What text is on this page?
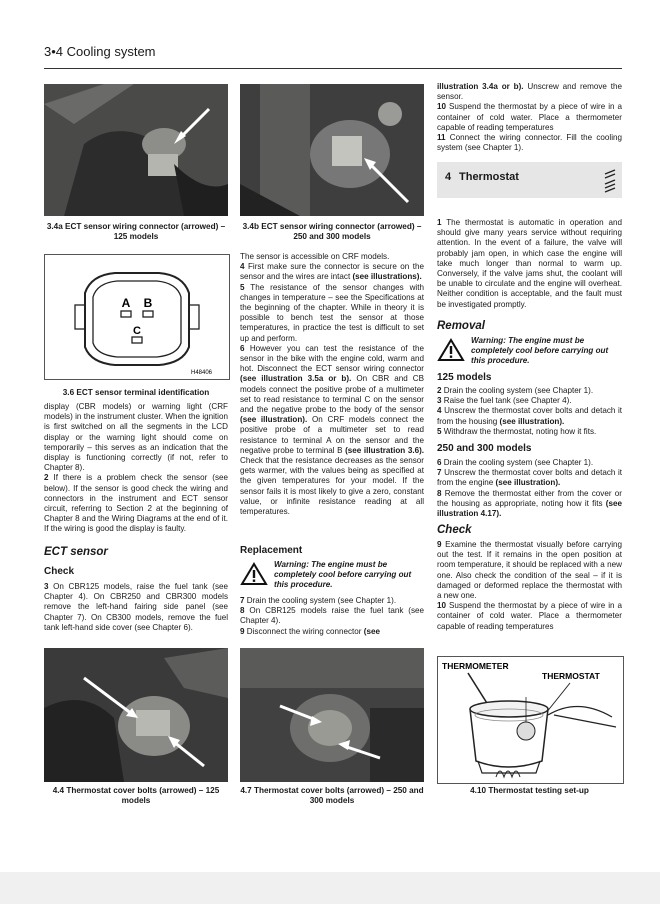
3•4 Cooling system
3.4a ECT sensor wiring connector (arrowed) – 125 models
3.4b ECT sensor wiring connector (arrowed) – 250 and 300 models
A B
C
H48406
3.6 ECT sensor terminal identification

display (CBR models) or warning light (CRF models) in the instrument cluster. When the ignition is first switched on all the segments in the LCD display or the warning light should come on temporarily – this serves as an indication that the display is functioning correctly (if not, refer to Chapter 8).

2 If there is a problem check the sensor (see below). If the sensor is good check the wiring and connectors in the instrument and ECT sensor circuit, referring to Section 2 at the beginning of Chapter 8 and the Wiring Diagrams at the end of it. If the wiring is good the display is faulty.

ECT sensor
Check

3 On CBR125 models, raise the fuel tank (see Chapter 4). On CBR250 and CBR300 models remove the left-hand fairing side panel (see Chapter 7). On CB300 models, remove the fuel tank left-hand side cover (see Chapter 6).

The sensor is accessible on CRF models.

4 First make sure the connector is secure on the sensor and the wires are intact (see illustrations).

5 The resistance of the sensor changes with changes in temperature – see the Specifications at the beginning of the chapter. While in theory it is possible to bench test the sensor at those temperatures, in practice the test is difficult to set up and perform.

6 However you can test the resistance of the sensor in the bike with the engine cold, warm and hot. Disconnect the ECT sensor wiring connector (see illustration 3.5a or b). On CBR and CB models connect the positive probe of a multimeter set to read resistance to terminal C on the sensor and the negative probe to the body of the sensor (see illustration). On CRF models connect the positive probe of a multimeter set to read resistance to terminal A on the sensor and the negative probe to terminal B (see illustration 3.6). Check that the resistance decreases as the sensor gets warmer, with the values being as specified at the given temperatures for your model. If the sensor fails it is most likely to give a zero, constant value, or infinite resistance reading at all temperatures.

Replacement
Warning: The engine must be completely cool before carrying out this procedure.

7 Drain the cooling system (see Chapter 1).

8 On CBR125 models raise the fuel tank (see Chapter 4).

9 Disconnect the wiring connector (see

illustration 3.4a or b). Unscrew and remove the sensor.

10 Suspend the thermostat by a piece of wire in a container of cold water. Place a thermometer capable of reading temperatures

11 Connect the wiring connector. Fill the cooling system (see Chapter 1).

4 Thermostat

1 The thermostat is automatic in operation and should give many years service without requiring attention. In the event of a failure, the valve will probably jam open, in which case the engine will take much longer than normal to warm up. Conversely, if the valve jams shut, the coolant will be unable to circulate and the engine will overheat. Neither condition is acceptable, and the fault must be investigated promptly.

Removal
Warning: The engine must be completely cool before carrying out this procedure.
125 models

2 Drain the cooling system (see Chapter 1).

3 Raise the fuel tank (see Chapter 4).

4 Unscrew the thermostat cover bolts and detach it from the housing (see illustration).

5 Withdraw the thermostat, noting how it fits.

250 and 300 models

6 Drain the cooling system (see Chapter 1).

7 Unscrew the thermostat cover bolts and detach it from the engine (see illustration).

8 Remove the thermostat either from the cover or the housing as appropriate, noting how it fits (see illustration 4.17).

Check

9 Examine the thermostat visually before carrying out the test. If it remains in the open position at room temperature, it should be replaced with a new one. Also check the condition of the seal – if it is damaged or deformed replace the thermostat with a new one.

10 Suspend the thermostat by a piece of wire in a container of cold water. Place a thermometer capable of reading temperatures

4.4 Thermostat cover bolts (arrowed) – 125 models
4.7 Thermostat cover bolts (arrowed) – 250 and 300 models
THERMOMETER
THERMOSTAT
4.10 Thermostat testing set-up
